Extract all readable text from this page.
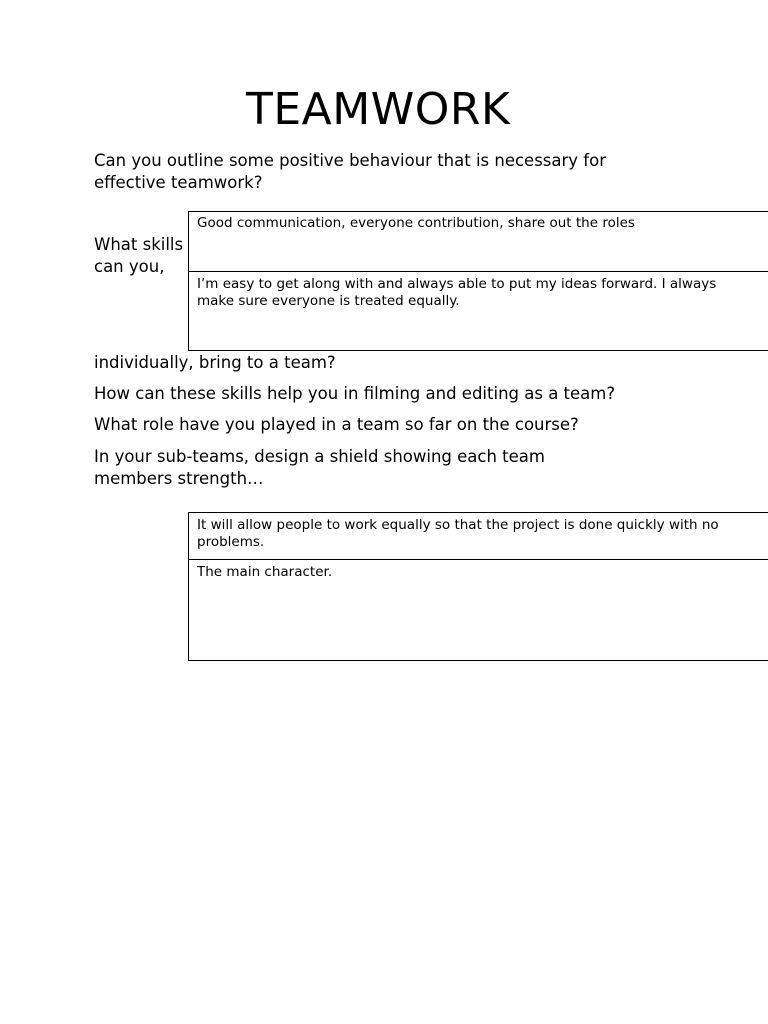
TEAMWORK
Can you outline some positive behaviour that is necessary for effective teamwork?
What skills can you,
Good communication, everyone contribution, share out the roles
I’m easy to get along with and always able to put my ideas forward. I always make sure everyone is treated equally.
individually, bring to a team?
How can these skills help you in filming and editing as a team?
What role have you played in a team so far on the course?
In your sub-teams, design a shield showing each team members strength…
It will allow people to work equally so that the project is done quickly with no problems.
The main character.
